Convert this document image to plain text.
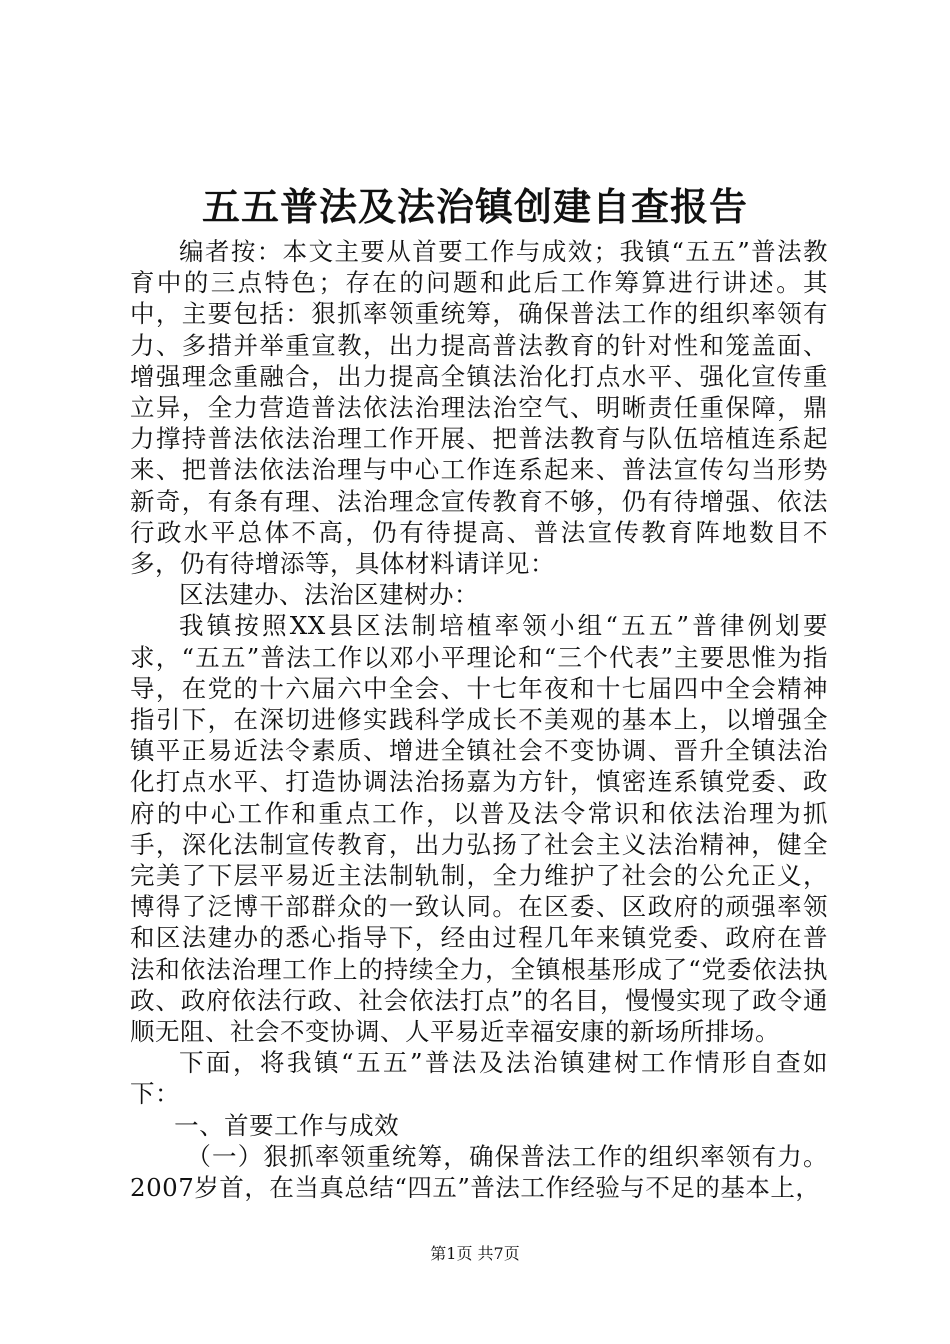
五五普法及法治镇创建自查报告

编者按：本文主要从首要工作与成效；我镇“五五”普法教育中的三点特色；存在的问题和此后工作筹算进行讲述。其中，主要包括：狠抓率领重统筹，确保普法工作的组织率领有力、多措并举重宣教，出力提高普法教育的针对性和笼盖面、增强理念重融合，出力提高全镇法治化打点水平、强化宣传重立异，全力营造普法依法治理法治空气、明晰责任重保障，鼎力撑持普法依法治理工作开展、把普法教育与队伍培植连系起来、把普法依法治理与中心工作连系起来、普法宣传勾当形势新奇，有条有理、法治理念宣传教育不够，仍有待增强、依法行政水平总体不高，仍有待提高、普法宣传教育阵地数目不多，仍有待增添等，具体材料请详见：

区法建办、法治区建树办：

我镇按照XX县区法制培植率领小组“五五”普律例划要求，“五五”普法工作以邓小平理论和“三个代表”主要思惟为指导，在党的十六届六中全会、十七年夜和十七届四中全会精神指引下，在深切进修实践科学成长不美观的基本上，以增强全镇平正易近法令素质、增进全镇社会不变协调、晋升全镇法治化打点水平、打造协调法治扬嘉为方针，慎密连系镇党委、政府的中心工作和重点工作，以普及法令常识和依法治理为抓手，深化法制宣传教育，出力弘扬了社会主义法治精神，健全完美了下层平易近主法制轨制，全力维护了社会的公允正义，博得了泛博干部群众的一致认同。在区委、区政府的顽强率领和区法建办的悉心指导下，经由过程几年来镇党委、政府在普法和依法治理工作上的持续全力，全镇根基形成了“党委依法执政、政府依法行政、社会依法打点”的名目，慢慢实现了政令通顺无阻、社会不变协调、人平易近幸福安康的新场所排场。

下面，将我镇“五五”普法及法治镇建树工作情形自查如下：

一、首要工作与成效

（一）狠抓率领重统筹，确保普法工作的组织率领有力。2007岁首，在当真总结“四五”普法工作经验与不足的基本上，

第1页 共7页
